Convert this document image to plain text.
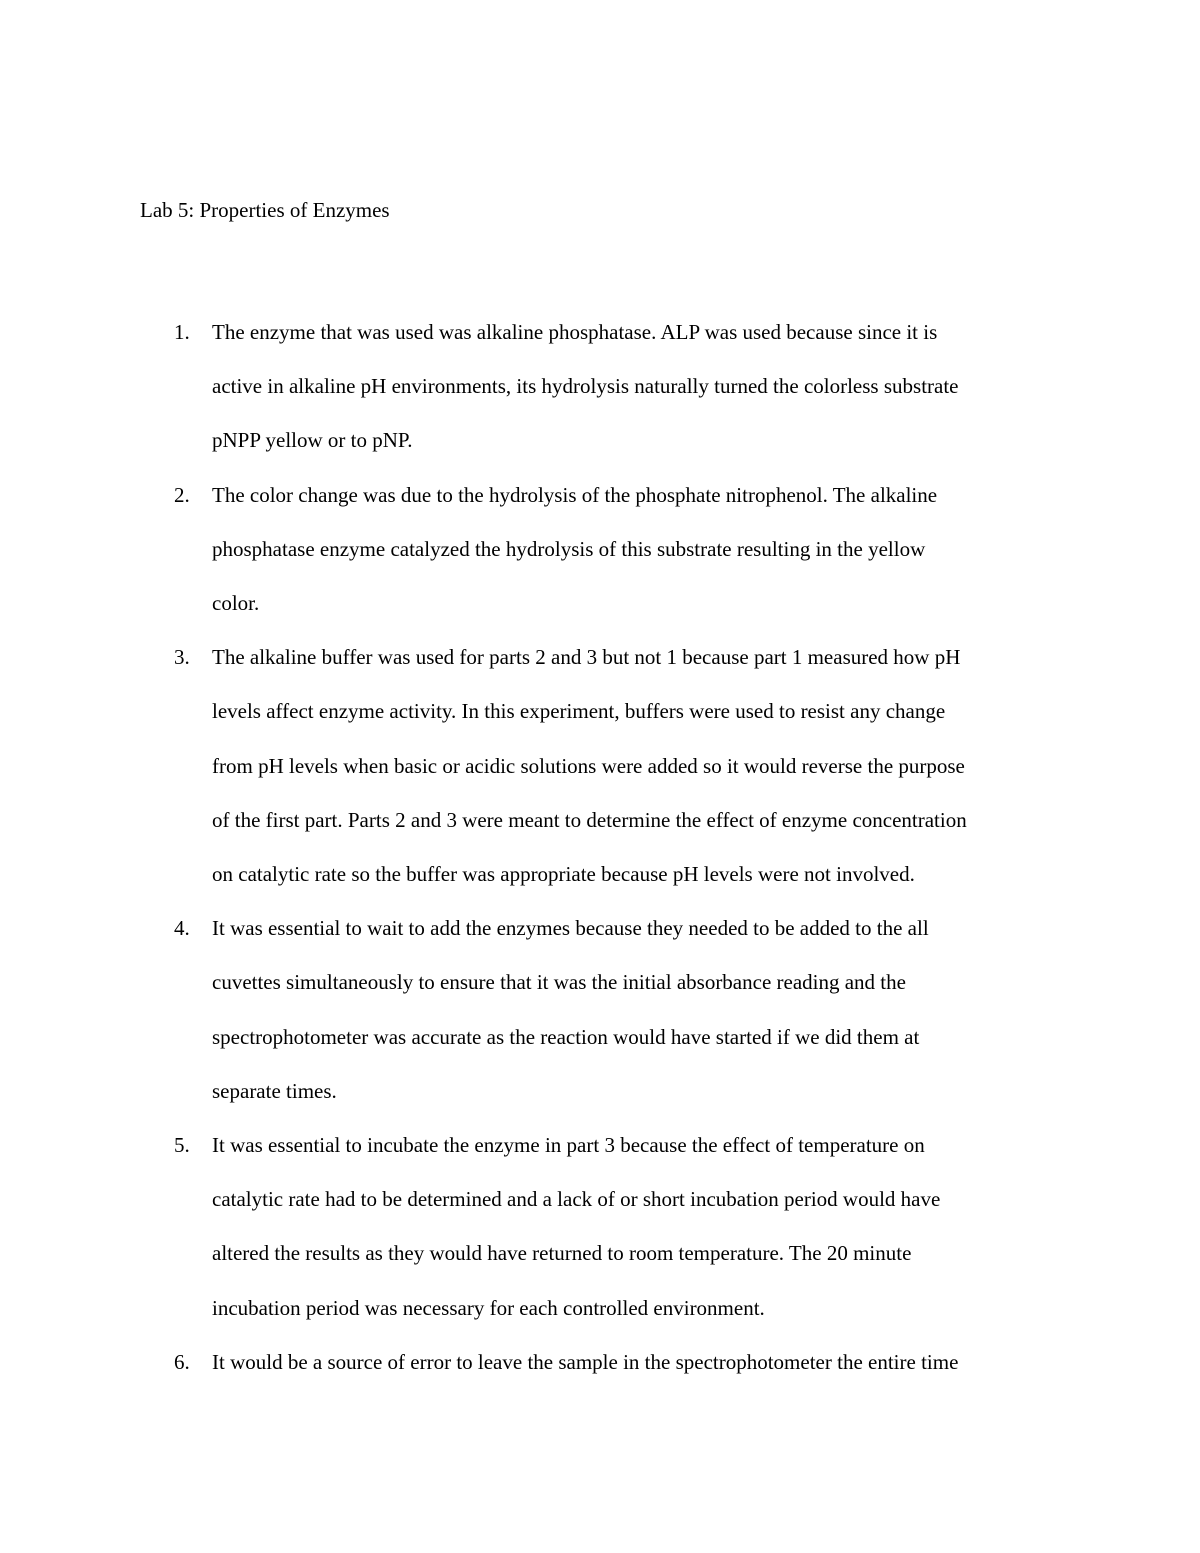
Lab 5: Properties of Enzymes
1. The enzyme that was used was alkaline phosphatase. ALP was used because since it is
active in alkaline pH environments, its hydrolysis naturally turned the colorless substrate
pNPP yellow or to pNP.
2. The color change was due to the hydrolysis of the phosphate nitrophenol. The alkaline
phosphatase enzyme catalyzed the hydrolysis of this substrate resulting in the yellow
color.
3. The alkaline buffer was used for parts 2 and 3 but not 1 because part 1 measured how pH
levels affect enzyme activity. In this experiment, buffers were used to resist any change
from pH levels when basic or acidic solutions were added so it would reverse the purpose
of the first part. Parts 2 and 3 were meant to determine the effect of enzyme concentration
on catalytic rate so the buffer was appropriate because pH levels were not involved.
4. It was essential to wait to add the enzymes because they needed to be added to the all
cuvettes simultaneously to ensure that it was the initial absorbance reading and the
spectrophotometer was accurate as the reaction would have started if we did them at
separate times.
5. It was essential to incubate the enzyme in part 3 because the effect of temperature on
catalytic rate had to be determined and a lack of or short incubation period would have
altered the results as they would have returned to room temperature. The 20 minute
incubation period was necessary for each controlled environment.
6. It would be a source of error to leave the sample in the spectrophotometer the entire time
